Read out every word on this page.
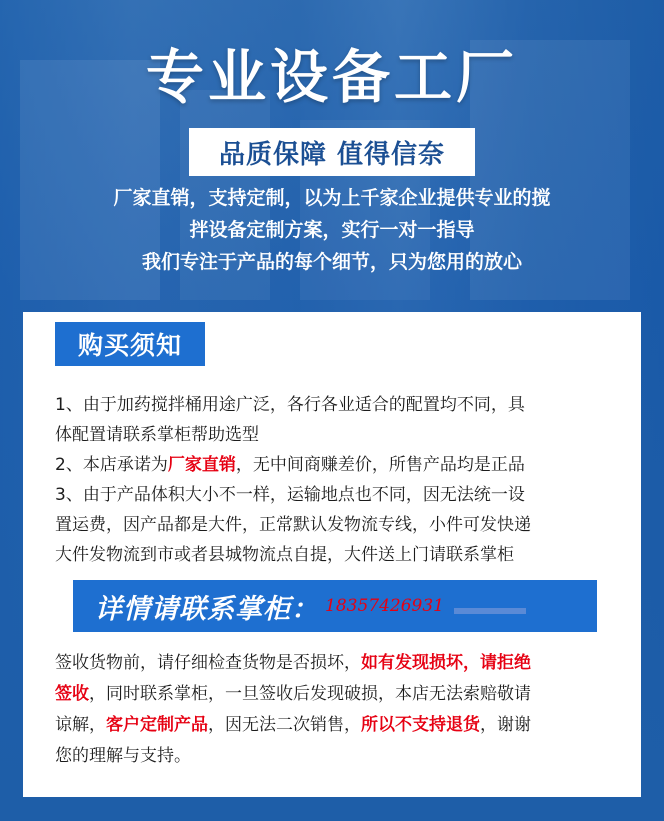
专业设备工厂
品质保障 值得信奈
厂家直销，支持定制，以为上千家企业提供专业的搅
拌设备定制方案，实行一对一指导
我们专注于产品的每个细节，只为您用的放心
购买须知
1、由于加药搅拌桶用途广泛，各行各业适合的配置均不同，具
体配置请联系掌柜帮助选型
2、本店承诺为厂家直销，无中间商赚差价，所售产品均是正品
3、由于产品体积大小不一样，运输地点也不同，因无法统一设
置运费，因产品都是大件，正常默认发物流专线，小件可发快递
大件发物流到市或者县城物流点自提，大件送上门请联系掌柜
详情请联系掌柜： 18357426931
签收货物前，请仔细检查货物是否损坏，如有发现损坏，请拒绝
签收，同时联系掌柜，一旦签收后发现破损，本店无法索赔敬请
谅解，客户定制产品，因无法二次销售，所以不支持退货，谢谢
您的理解与支持。
